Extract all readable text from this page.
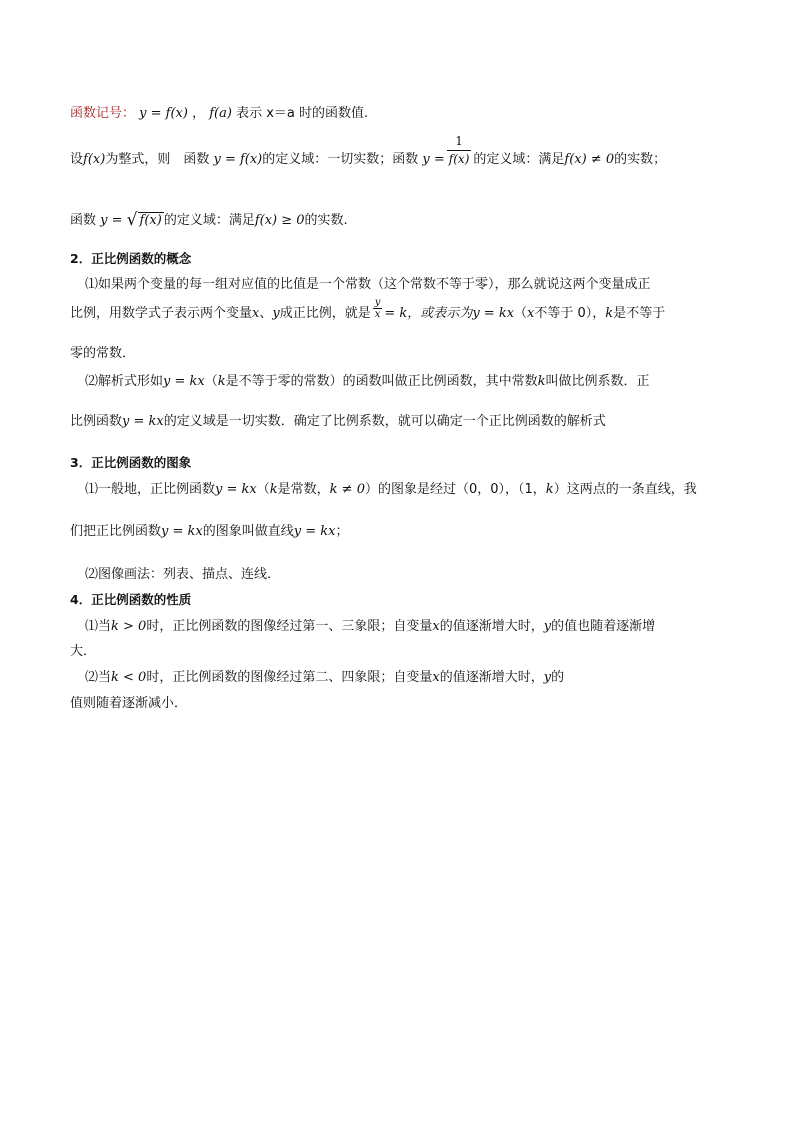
函数记号： y = f(x) ， f(a) 表示 x＝a 时的函数值.
设f(x)为整式，则　函数 y = f(x)的定义域：一切实数；函数 $y = \frac{1}{f(x)}$ 的定义域：满足f(x) ≠ 0的实数；
函数 y = √ f(x) 的定义域：满足f(x) ≥ 0的实数.
2．正比例函数的概念
⑴如果两个变量的每一组对应值的比值是一个常数（这个常数不等于零），那么就说这两个变量成正
比例，用数学式子表示两个变量x、y成正比例，就是 $\frac{y}{x} = k$，或表示为y = kx（x不等于 0），k是不等于
零的常数．
⑵解析式形如y = kx（k是不等于零的常数）的函数叫做正比例函数，其中常数k叫做比例系数．正
比例函数y = kx的定义域是一切实数．确定了比例系数，就可以确定一个正比例函数的解析式
3．正比例函数的图象
⑴一般地，正比例函数y = kx（k是常数，k ≠ 0）的图象是经过（0，0），（1，k）这两点的一条直线，我
们把正比例函数y = kx的图象叫做直线y = kx；
⑵图像画法：列表、描点、连线．
4．正比例函数的性质
⑴当k > 0时，正比例函数的图像经过第一、三象限；自变量x的值逐渐增大时，y的值也随着逐渐增
大．
⑵当k < 0时，正比例函数的图像经过第二、四象限；自变量x的值逐渐增大时，y的
值则随着逐渐减小．
